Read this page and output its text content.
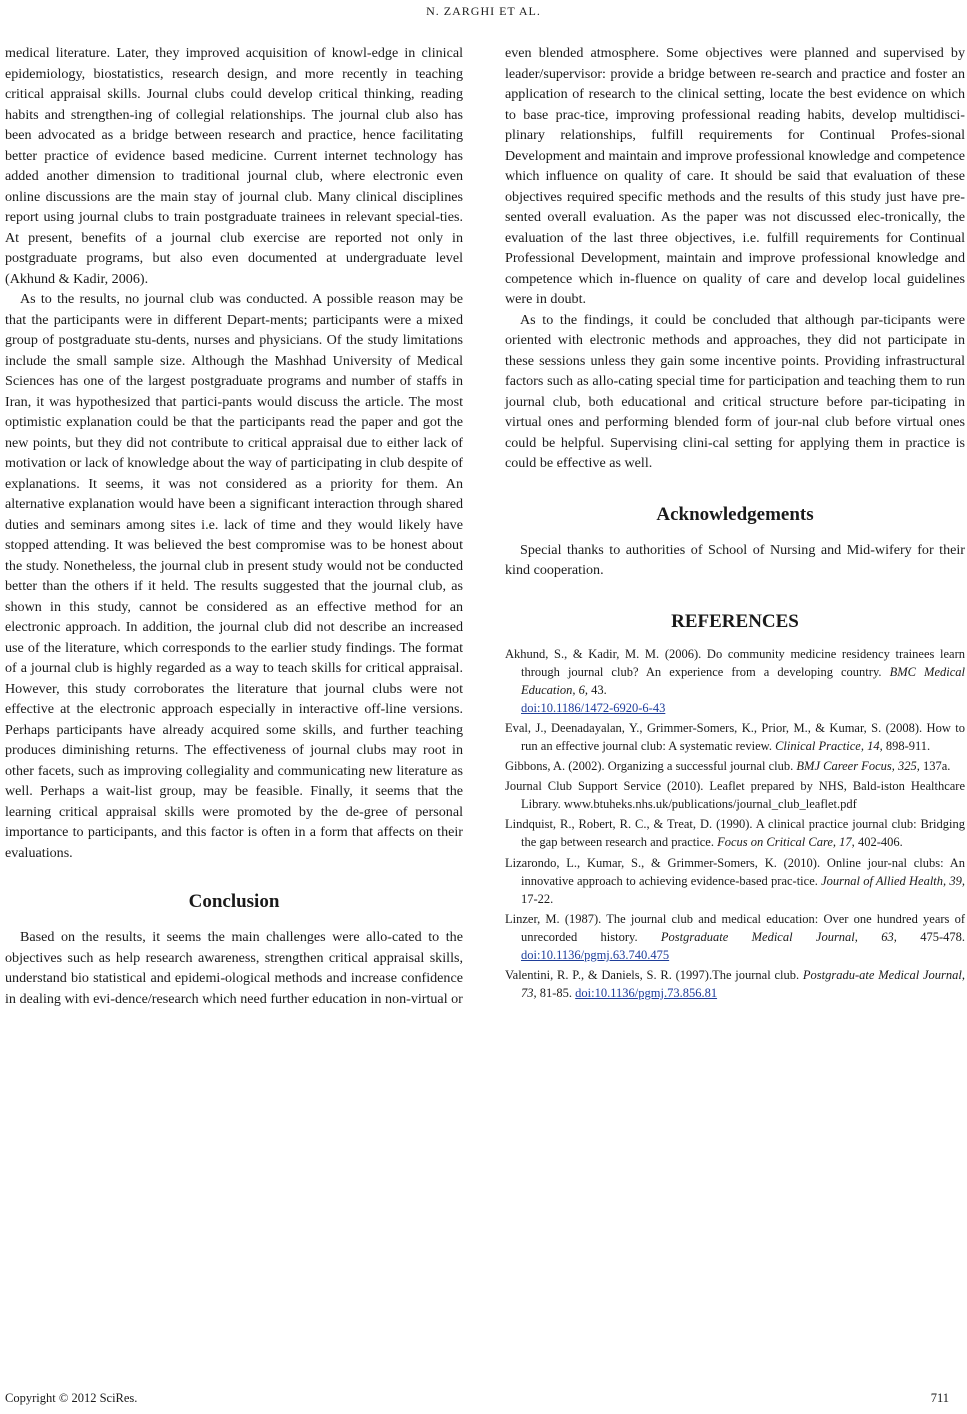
N. ZARGHI ET AL.

medical literature. Later, they improved acquisition of knowl-edge in clinical epidemiology, biostatistics, research design, and more recently in teaching critical appraisal skills. Journal clubs could develop critical thinking, reading habits and strengthen-ing of collegial relationships. The journal club also has been advocated as a bridge between research and practice, hence facilitating better practice of evidence based medicine. Current internet technology has added another dimension to traditional journal club, where electronic even online discussions are the main stay of journal club. Many clinical disciplines report using journal clubs to train postgraduate trainees in relevant special-ties. At present, benefits of a journal club exercise are reported not only in postgraduate programs, but also even documented at undergraduate level (Akhund & Kadir, 2006).

As to the results, no journal club was conducted. A possible reason may be that the participants were in different Depart-ments; participants were a mixed group of postgraduate stu-dents, nurses and physicians. Of the study limitations include the small sample size. Although the Mashhad University of Medical Sciences has one of the largest postgraduate programs and number of staffs in Iran, it was hypothesized that partici-pants would discuss the article. The most optimistic explanation could be that the participants read the paper and got the new points, but they did not contribute to critical appraisal due to either lack of motivation or lack of knowledge about the way of participating in club despite of explanations. It seems, it was not considered as a priority for them. An alternative explanation would have been a significant interaction through shared duties and seminars among sites i.e. lack of time and they would likely have stopped attending. It was believed the best compromise was to be honest about the study. Nonetheless, the journal club in present study would not be conducted better than the others if it held. The results suggested that the journal club, as shown in this study, cannot be considered as an effective method for an electronic approach. In addition, the journal club did not describe an increased use of the literature, which corresponds to the earlier study findings. The format of a journal club is highly regarded as a way to teach skills for critical appraisal. However, this study corroborates the literature that journal clubs were not effective at the electronic approach especially in interactive off-line versions. Perhaps participants have already acquired some skills, and further teaching produces diminishing returns. The effectiveness of journal clubs may root in other facets, such as improving collegiality and communicating new literature as well. Perhaps a wait-list group, may be feasible. Finally, it seems that the learning critical appraisal skills were promoted by the de-gree of personal importance to participants, and this factor is often in a form that affects on their evaluations.

Conclusion

Based on the results, it seems the main challenges were allo-cated to the objectives such as help research awareness, strengthen critical appraisal skills, understand bio statistical and epidemi-ological methods and increase confidence in dealing with evi-dence/research which need further education in non-virtual or

even blended atmosphere. Some objectives were planned and supervised by leader/supervisor: provide a bridge between re-search and practice and foster an application of research to the clinical setting, locate the best evidence on which to base prac-tice, improving professional reading habits, develop multidisci-plinary relationships, fulfill requirements for Continual Profes-sional Development and maintain and improve professional knowledge and competence which influence on quality of care. It should be said that evaluation of these objectives required specific methods and the results of this study just have pre-sented overall evaluation. As the paper was not discussed elec-tronically, the evaluation of the last three objectives, i.e. fulfill requirements for Continual Professional Development, maintain and improve professional knowledge and competence which in-fluence on quality of care and develop local guidelines were in doubt.

As to the findings, it could be concluded that although par-ticipants were oriented with electronic methods and approaches, they did not participate in these sessions unless they gain some incentive points. Providing infrastructural factors such as allo-cating special time for participation and teaching them to run journal club, both educational and critical structure before par-ticipating in virtual ones and performing blended form of jour-nal club before virtual ones could be helpful. Supervising clini-cal setting for applying them in practice is could be effective as well.

Acknowledgements

Special thanks to authorities of School of Nursing and Mid-wifery for their kind cooperation.

REFERENCES
Akhund, S., & Kadir, M. M. (2006). Do community medicine residency trainees learn through journal club? An experience from a developing country. BMC Medical Education, 6, 43.
doi:10.1186/1472-6920-6-43
Eval, J., Deenadayalan, Y., Grimmer-Somers, K., Prior, M., & Kumar, S. (2008). How to run an effective journal club: A systematic review. Clinical Practice, 14, 898-911.
Gibbons, A. (2002). Organizing a successful journal club. BMJ Career Focus, 325, 137a.
Journal Club Support Service (2010). Leaflet prepared by NHS, Bald-iston Healthcare Library. www.btuheks.nhs.uk/publications/journal_club_leaflet.pdf
Lindquist, R., Robert, R. C., & Treat, D. (1990). A clinical practice journal club: Bridging the gap between research and practice. Focus on Critical Care, 17, 402-406.
Lizarondo, L., Kumar, S., & Grimmer-Somers, K. (2010). Online jour-nal clubs: An innovative approach to achieving evidence-based prac-tice. Journal of Allied Health, 39, 17-22.
Linzer, M. (1987). The journal club and medical education: Over one hundred years of unrecorded history. Postgraduate Medical Journal, 63, 475-478. doi:10.1136/pgmj.63.740.475
Valentini, R. P., & Daniels, S. R. (1997).The journal club. Postgradu-ate Medical Journal, 73, 81-85. doi:10.1136/pgmj.73.856.81
Copyright © 2012 SciRes.	711
